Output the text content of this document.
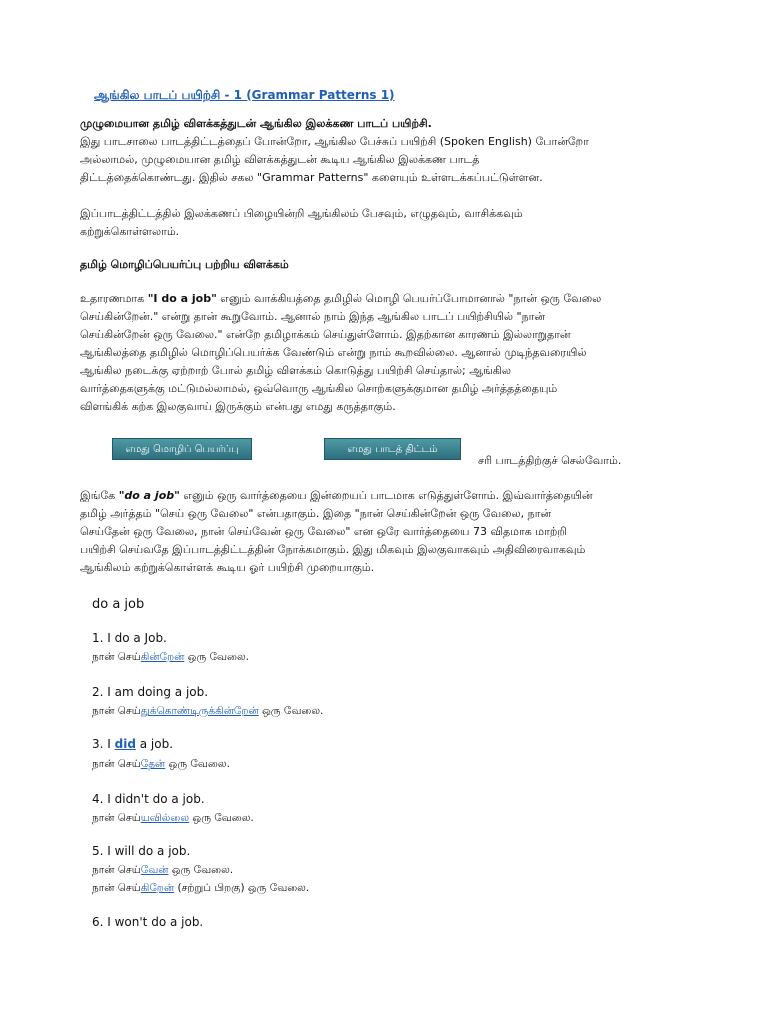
ஆங்கில பாடப் பயிற்சி - 1 (Grammar Patterns 1)
முழுமையான தமிழ் விளக்கத்துடன் ஆங்கில இலக்கண பாடப் பயிற்சி.
இது பாடசாலை பாடத்திட்டத்தைப் போன்றோ, ஆங்கில பேச்சுப் பயிற்சி (Spoken English) போன்றோ
அல்லாமல், முழுமையான தமிழ் விளக்கத்துடன் கூடிய ஆங்கில இலக்கண பாடத்
திட்டத்தைக்கொண்டது. இதில் சகல "Grammar Patterns" களையும் உள்ளடக்கப்பட்டுள்ளன.
இப்பாடத்திட்டத்தில் இலக்கணப் பிழையின்றி ஆங்கிலம் பேசவும், எழுதவும், வாசிக்கவும்
கற்றுக்கொள்ளலாம்.
தமிழ் மொழிப்பெயர்ப்பு பற்றிய விளக்கம்
உதாரணமாக "I do a job" எனும் வாக்கியத்தை தமிழில் மொழி பெயர்ப்போமானால் "நான் ஒரு வேலை
செய்கின்றேன்." என்று தான் கூறுவோம். ஆனால் நாம் இந்த ஆங்கில பாடப் பயிற்சியில் "நான்
செய்கின்றேன் ஒரு வேலை." என்றே தமிழாக்கம் செய்துள்ளோம். இதற்கான காரணம் இல்லாறுதான்
ஆங்கிலத்தை தமிழில் மொழிப்பெயர்க்க வேண்டும் என்று நாம் கூறவில்லை. ஆனால் முடிந்தவரையில்
ஆங்கில நடைக்கு ஏற்றாற் போல் தமிழ் விளக்கம் கொடுத்து பயிற்சி செய்தால்; ஆங்கில
வார்த்தைகளுக்கு மட்டுமல்லாமல், ஒவ்வொரு ஆங்கில சொற்களுக்குமான தமிழ் அர்த்தத்தையும்
விளங்கிக் கற்க இலகுவாய் இருக்கும் என்பது எமது கருத்தாகும்.
எமது மொழிப் பெயர்ப்பு	எமது பாடத் திட்டம்
சரி பாடத்திற்குச் செல்வோம்.
இங்கே "do a job" எனும் ஒரு வார்த்தையை இன்றையப் பாடமாக எடுத்துள்ளோம். இவ்வார்த்தையின்
தமிழ் அர்த்தம் "செய் ஒரு வேலை" என்பதாகும். இதை "நான் செய்கின்றேன் ஒரு வேலை, நான்
செய்தேன் ஒரு வேலை, நான் செய்வேன் ஒரு வேலை" என ஒரே வார்த்தையை 73 விதமாக மாற்றி
பயிற்சி செய்வதே இப்பாடத்திட்டத்தின் நோக்கமாகும். இது மிகவும் இலகுவாகவும் அதிவிரைவாகவும்
ஆங்கிலம் கற்றுக்கொள்ளக் கூடிய ஓர் பயிற்சி முறையாகும்.
do a job
1. I do a Job.
நான் செய்கின்றேன் ஒரு வேலை.
2. I am doing a job.
நான் செய்துக்கொண்டிருக்கின்றேன் ஒரு வேலை.
3. I did a job.
நான் செய்தேன் ஒரு வேலை.
4. I didn't do a job.
நான் செய்யவில்லை ஒரு வேலை.
5. I will do a job.
நான் செய்வேன் ஒரு வேலை.
நான் செய்கிறேன் (சற்றுப் பிறகு) ஒரு வேலை.
6. I won't do a job.
